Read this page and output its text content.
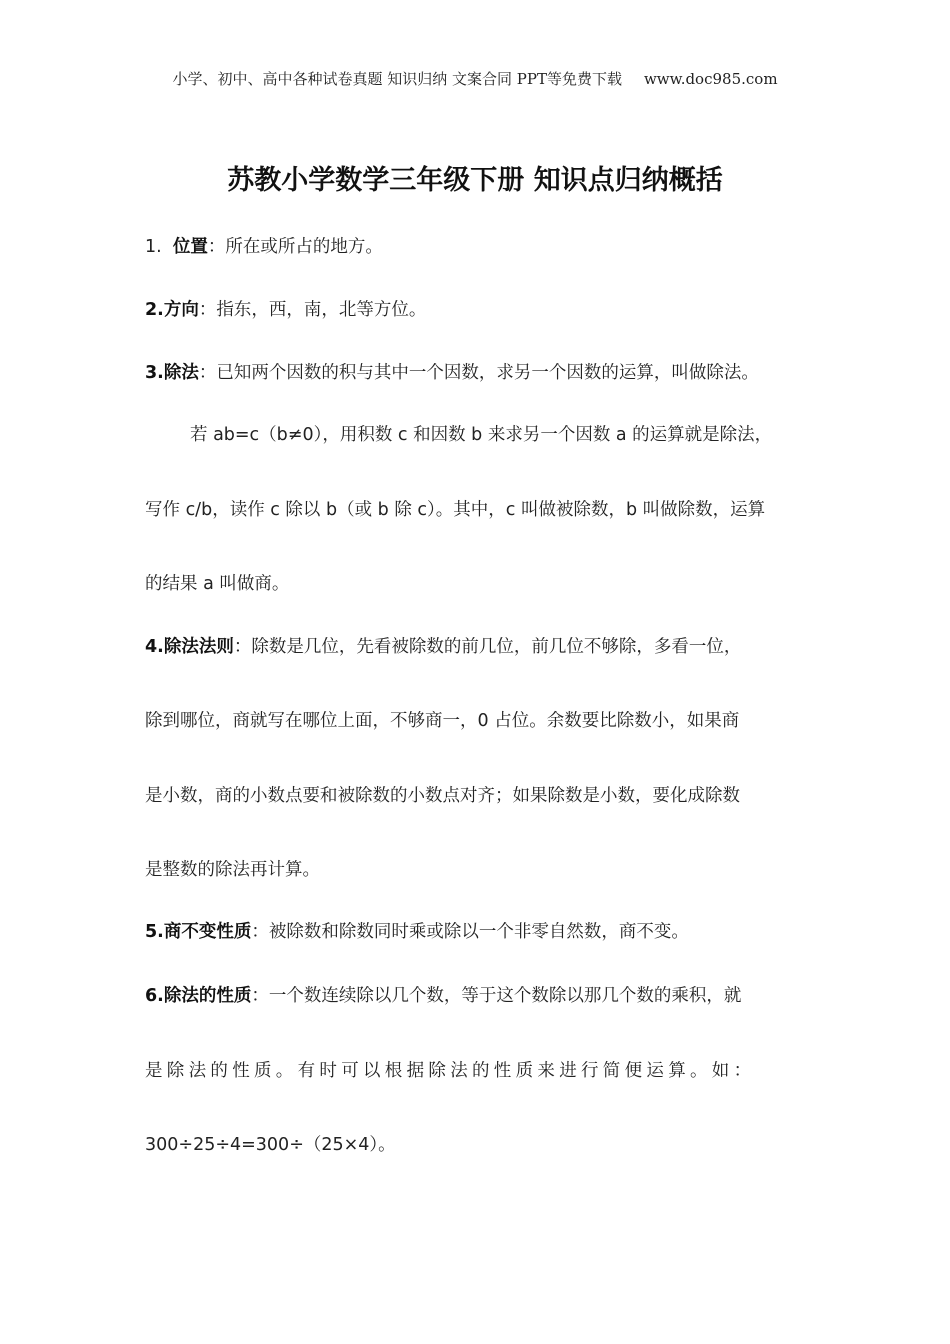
小学、初中、高中各种试卷真题 知识归纳 文案合同 PPT等免费下载 www.doc985.com
苏教小学数学三年级下册 知识点归纳概括
1. 位置：所在或所占的地方。
2.方向：指东，西，南，北等方位。
3.除法：已知两个因数的积与其中一个因数，求另一个因数的运算，叫做除法。
若 ab=c（b≠0），用积数 c 和因数 b 来求另一个因数 a 的运算就是除法，
写作 c/b，读作 c 除以 b（或 b 除 c）。其中，c 叫做被除数，b 叫做除数，运算
的结果 a 叫做商。
4.除法法则：除数是几位，先看被除数的前几位，前几位不够除，多看一位，
除到哪位，商就写在哪位上面，不够商一，0 占位。余数要比除数小，如果商
是小数，商的小数点要和被除数的小数点对齐；如果除数是小数，要化成除数
是整数的除法再计算。
5.商不变性质：被除数和除数同时乘或除以一个非零自然数，商不变。
6.除法的性质：一个数连续除以几个数，等于这个数除以那几个数的乘积，就
是除法的性质。有时可以根据除法的性质来进行简便运算。如：
300÷25÷4=300÷（25×4）。
